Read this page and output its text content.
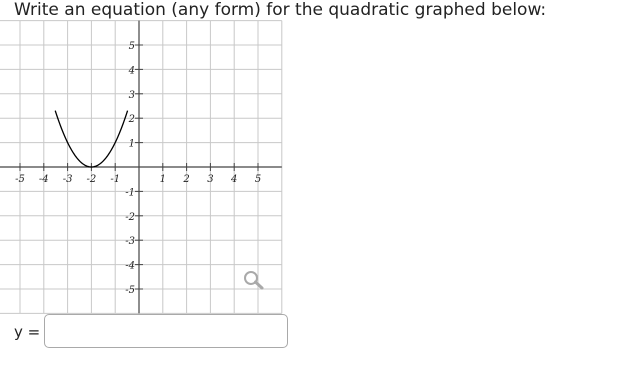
Write an equation (any form) for the quadratic graphed below:
-5 -4 -3 -2 -1	1 2 3 4 5
5
4
3
2
1
-1
-2
-3
-4
-5
y =
